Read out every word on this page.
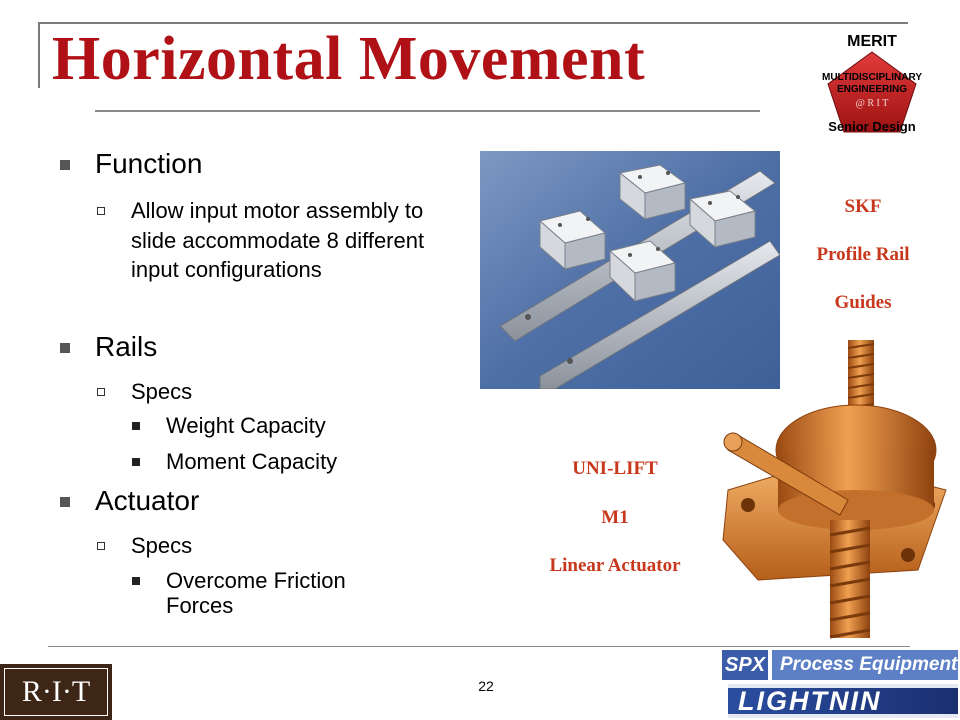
Horizontal Movement	MERIT
MULTIDISCIPLINARY
ENGINEERING
@ R I T
Senior Design
Function
Allow input motor assembly to slide accommodate 8 different input configurations
Rails
Specs
Weight Capacity
Moment Capacity
Actuator
Specs
Overcome Friction Forces
SKF
Profile Rail
Guides
UNI-LIFT
M1
Linear Actuator
22
R·I·T
SPX Process Equipment
LIGHTNIN
